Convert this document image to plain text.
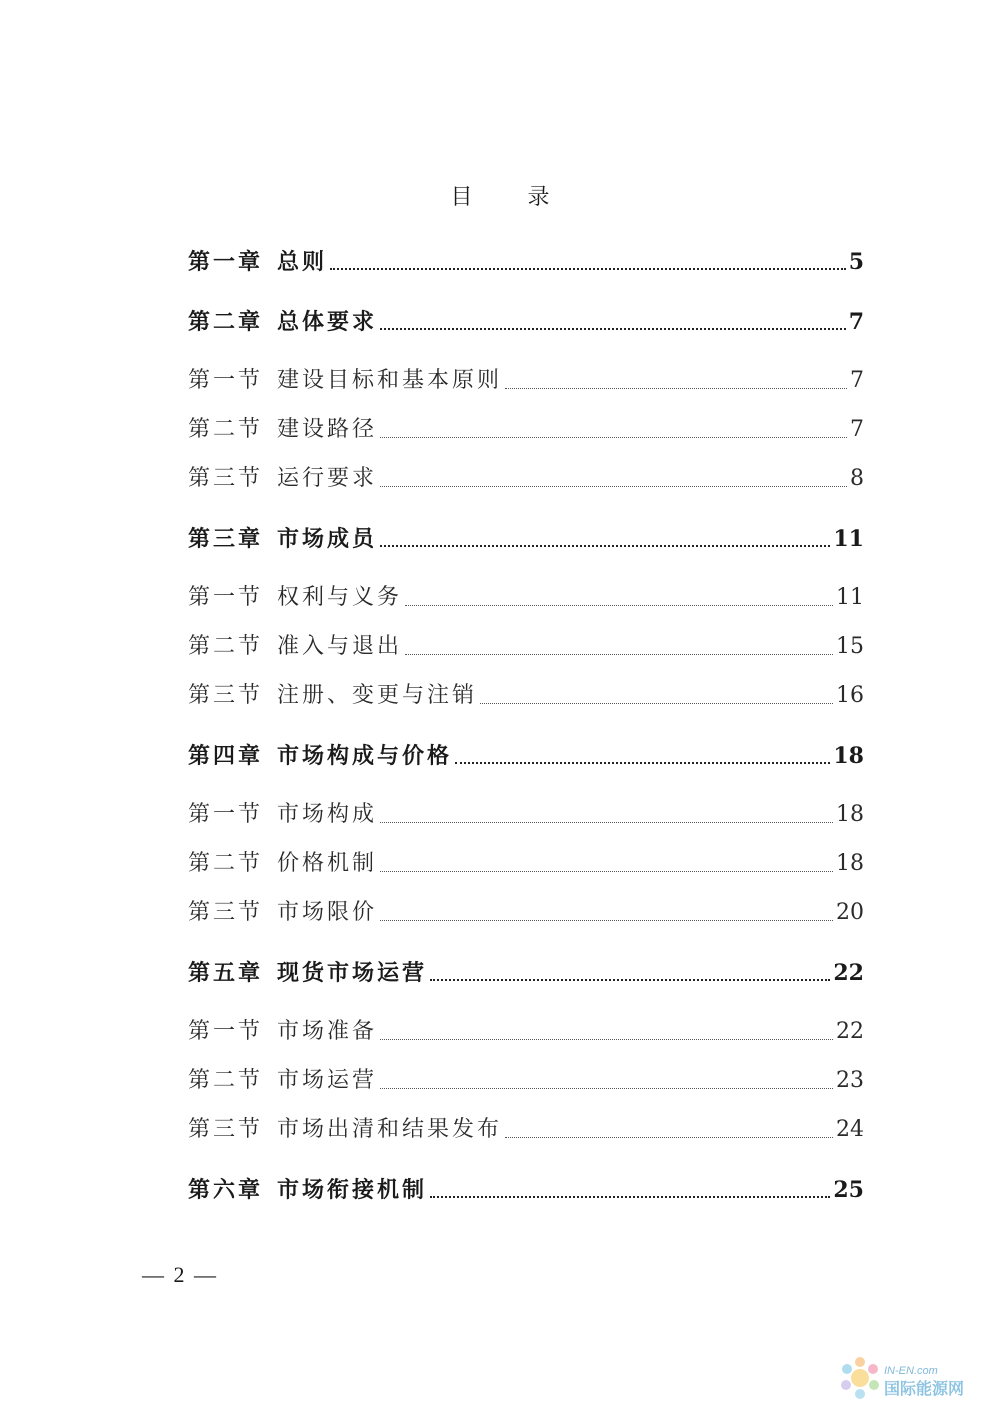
目 录
第一章 总则	5
第二章 总体要求	7
第一节 建设目标和基本原则	7
第二节 建设路径	7
第三节 运行要求	8
第三章 市场成员	11
第一节 权利与义务	11
第二节 准入与退出	15
第三节 注册、变更与注销	16
第四章 市场构成与价格	18
第一节 市场构成	18
第二节 价格机制	18
第三节 市场限价	20
第五章 现货市场运营	22
第一节 市场准备	22
第二节 市场运营	23
第三节 市场出清和结果发布	24
第六章 市场衔接机制	25
— 2 —
IN-EN.com
国际能源网
